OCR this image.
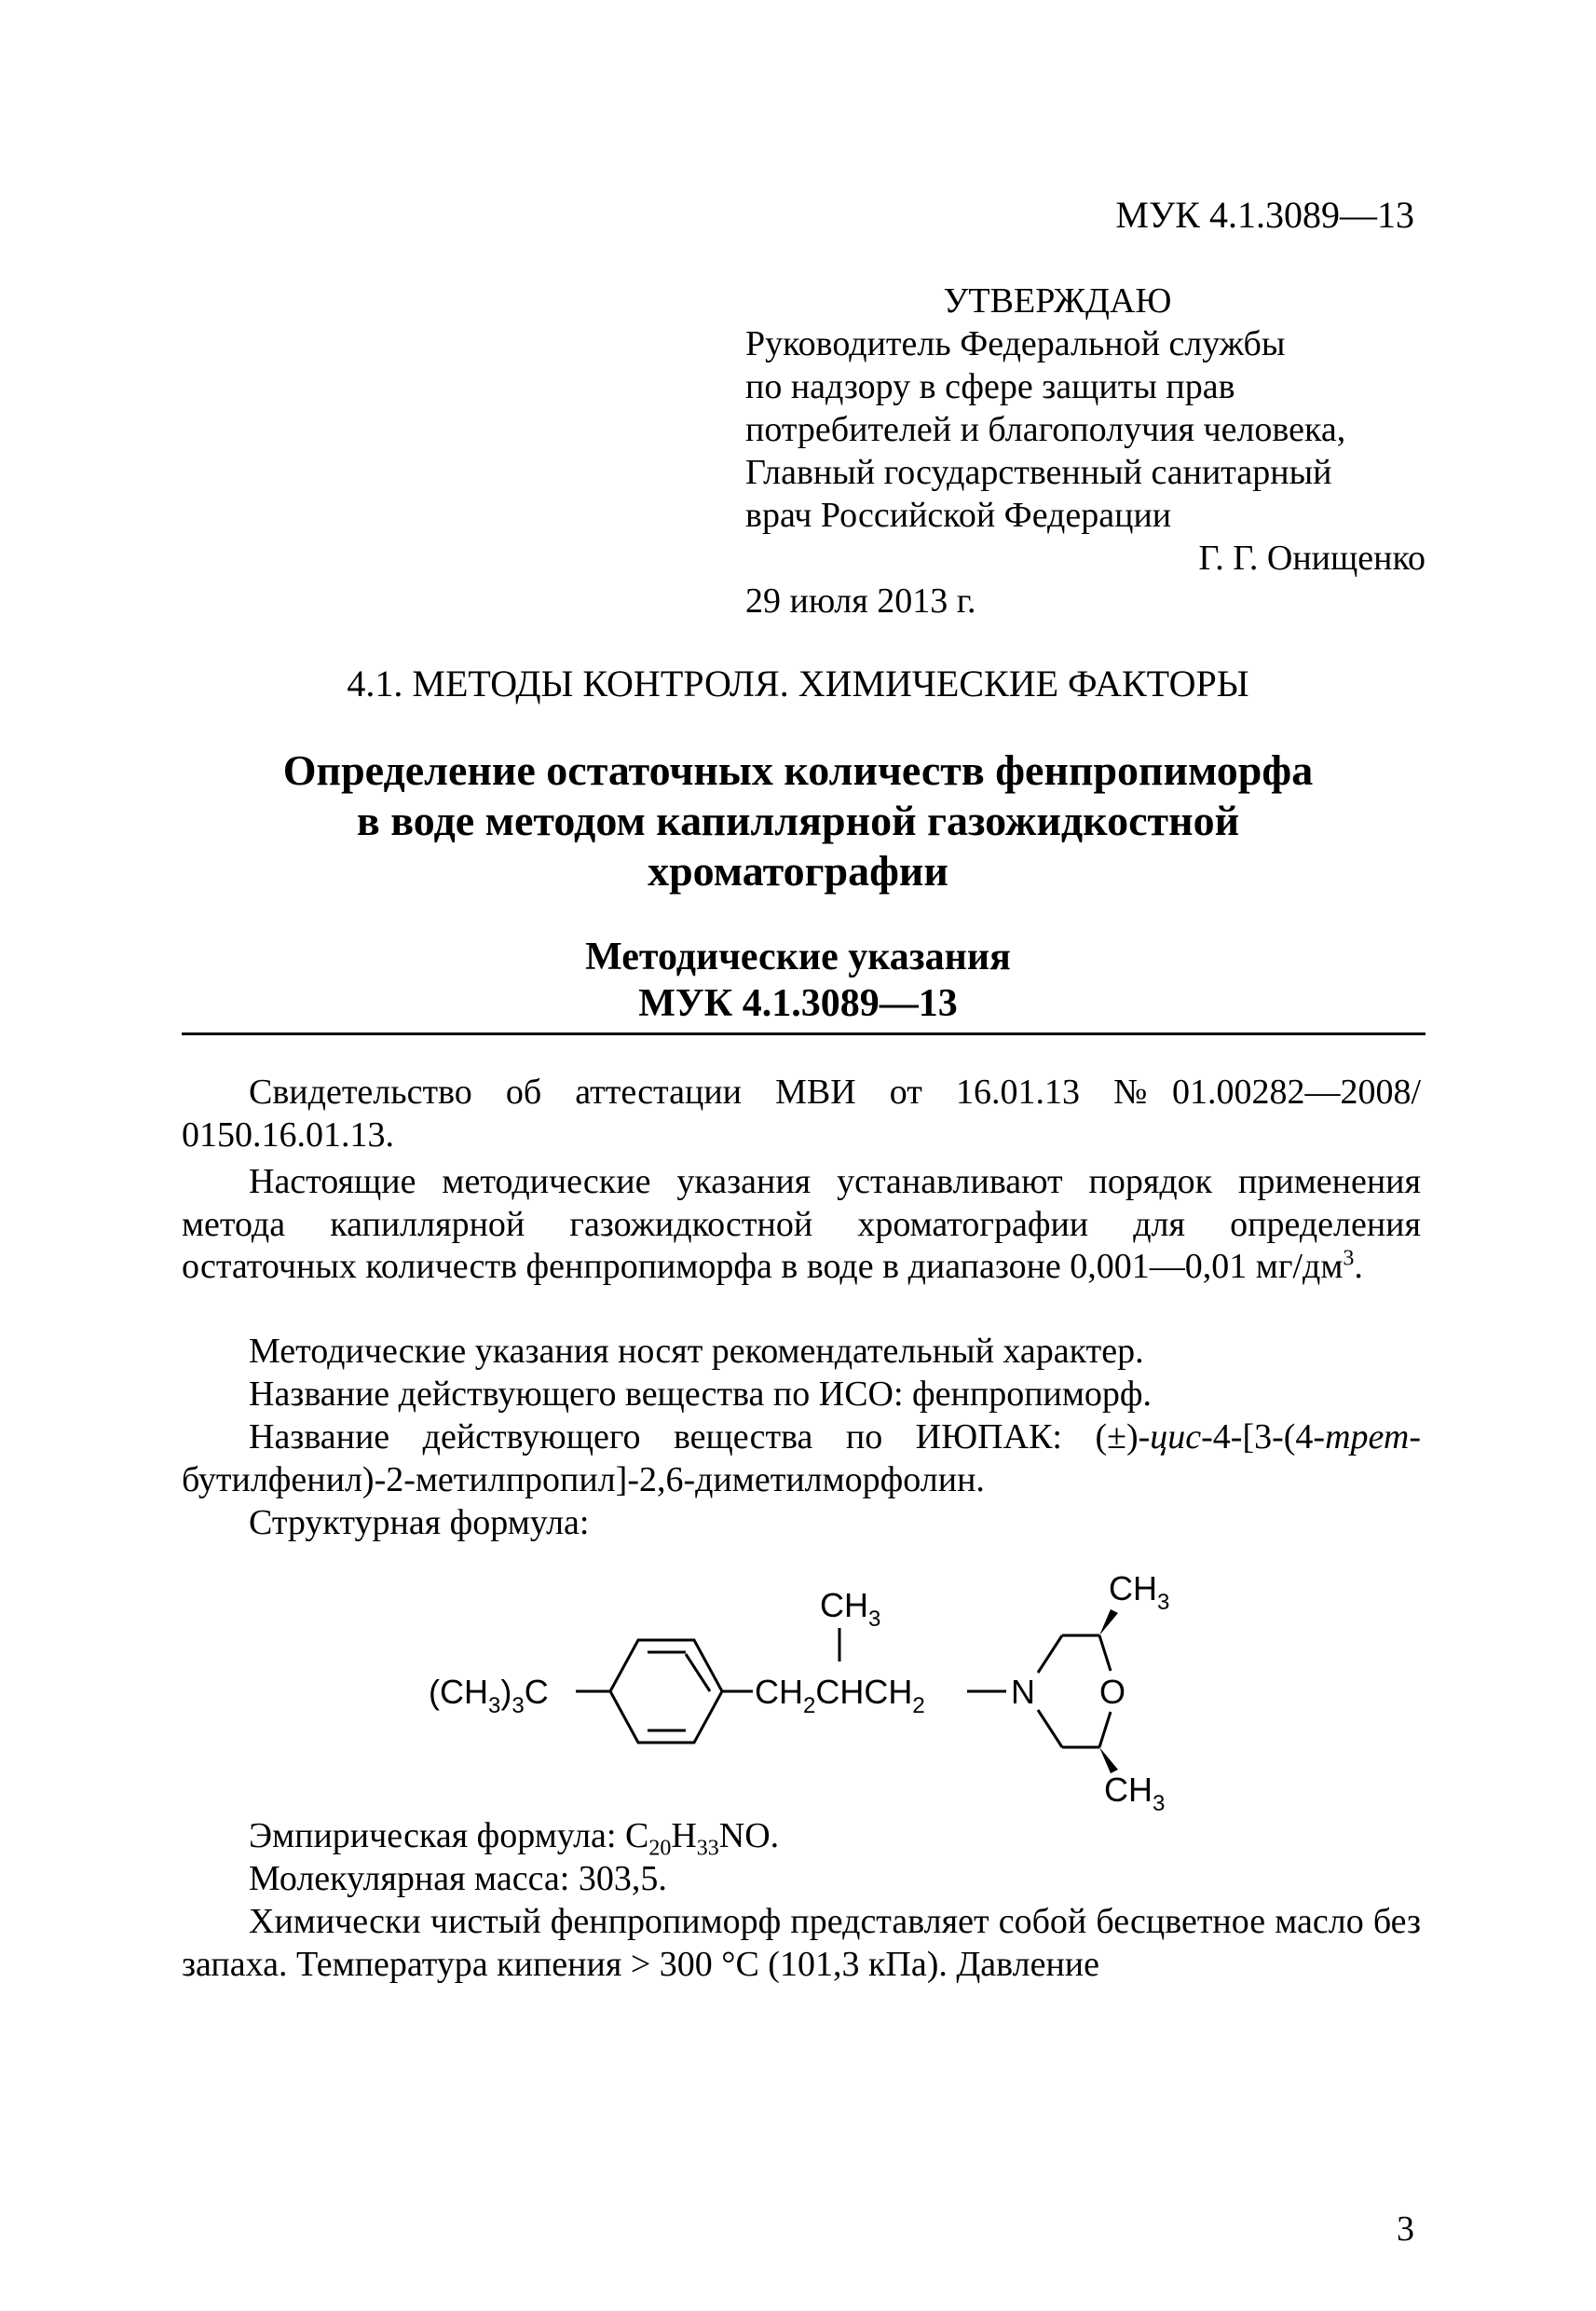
МУК 4.1.3089—13
УТВЕРЖДАЮ
Руководитель Федеральной службы
по надзору в сфере защиты прав
потребителей и благополучия человека,
Главный государственный санитарный
врач Российской Федерации
Г. Г. Онищенко
29 июля 2013 г.
4.1. МЕТОДЫ КОНТРОЛЯ. ХИМИЧЕСКИЕ ФАКТОРЫ
Определение остаточных количеств фенпропиморфа
в воде методом капиллярной газожидкостной
хроматографии
Методические указания
МУК 4.1.3089—13

Свидетельство об аттестации МВИ от 16.01.13 №01.00282—2008/ 0150.16.01.13.

Настоящие методические указания устанавливают порядок применения метода капиллярной газожидкостной хроматографии для определения остаточных количеств фенпропиморфа в воде в диапазоне 0,001—0,01 $мг/дм^3$.

Методические указания носят рекомендательный характер.

Название действующего вещества по ИСО: фенпропиморф.

Название действующего вещества по ИЮПАК: (±)-цис-4-[3-(4-трет-бутилфенил)-2-метилпропил]-2,6-диметилморфолин.

Структурная формула:

$(CH_3)_3C$	$CH_2CHCH_2$
$CH_3$
N O
$CH_3$
$CH_3$

Эмпирическая формула: $C_{20}H_{33}NO$.

Молекулярная масса: 303,5.

Химически чистый фенпропиморф представляет собой бесцветное масло без запаха. Температура кипения > 300 °С (101,3 кПа). Давление

3
